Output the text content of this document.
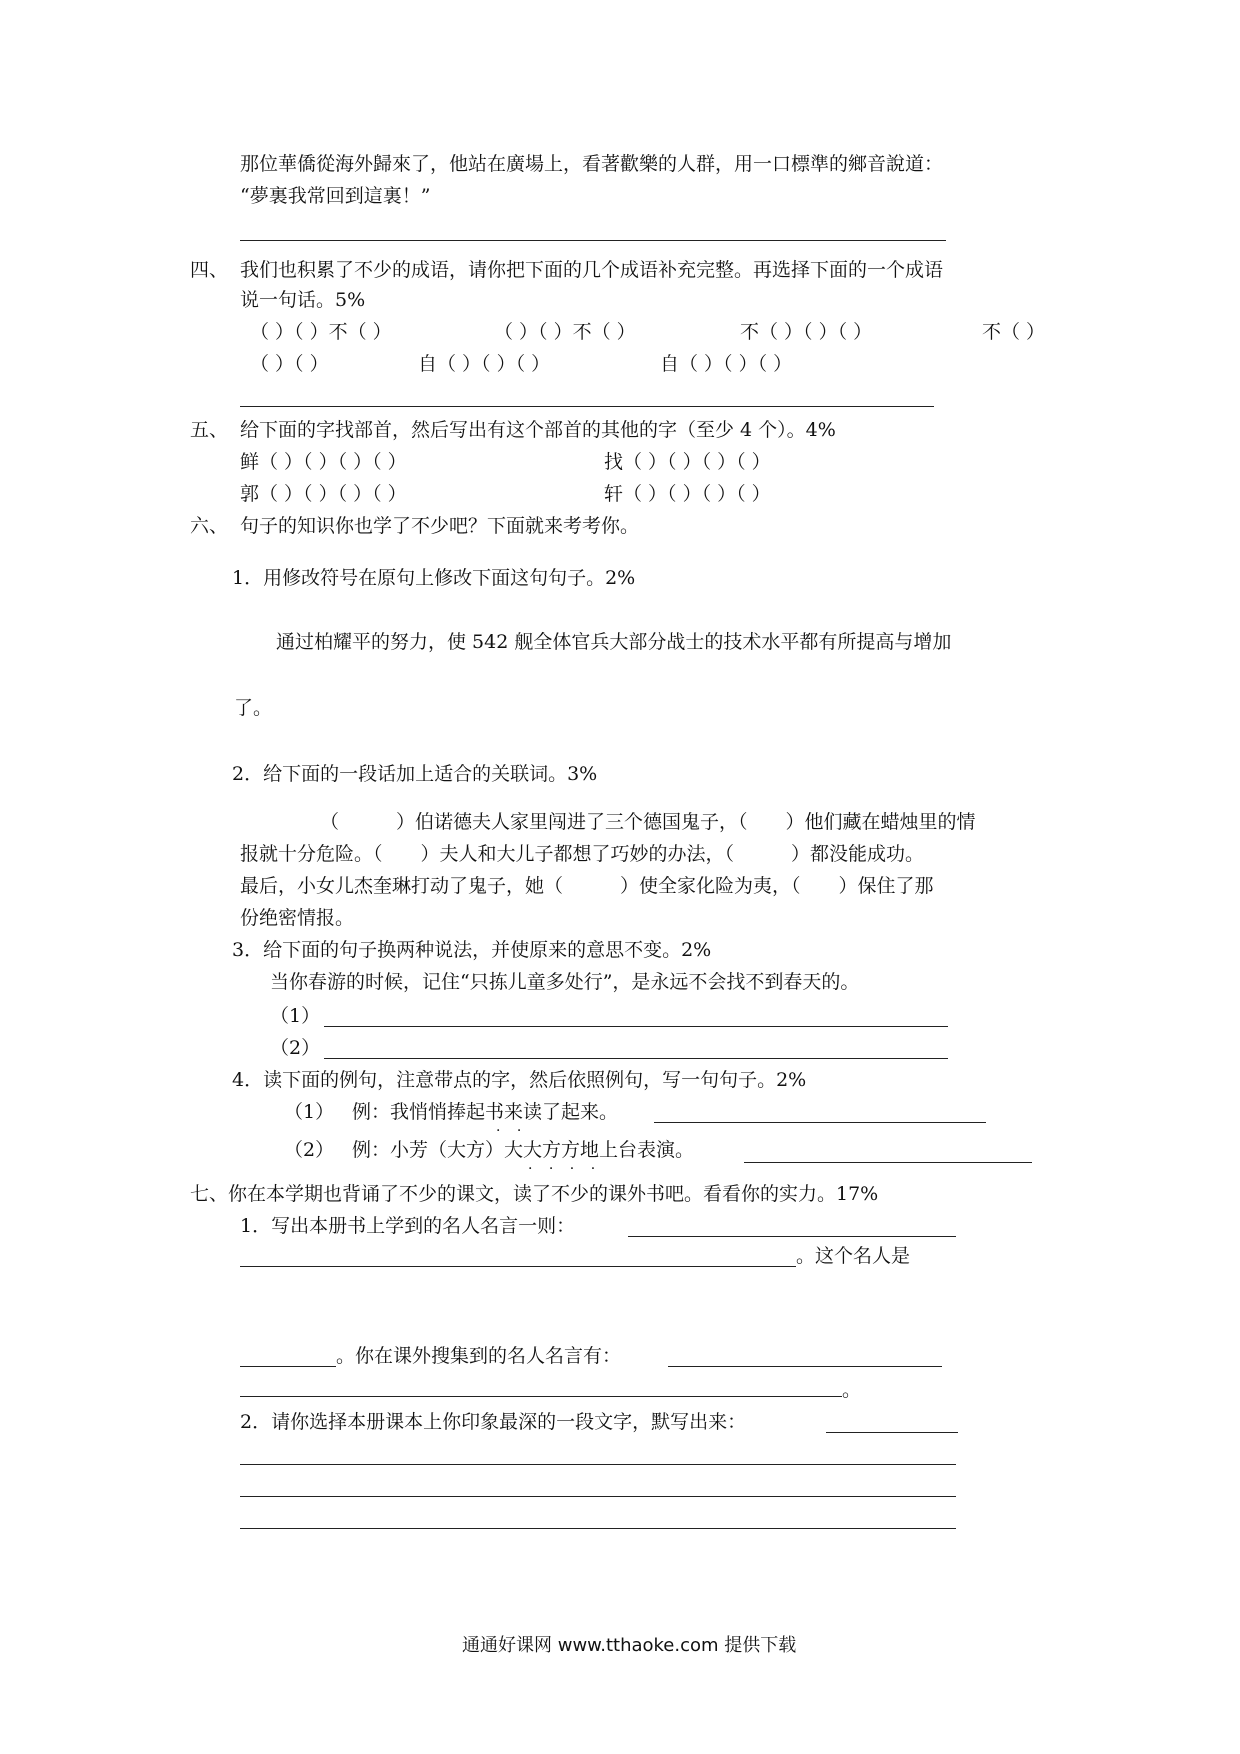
那位華僑從海外歸來了，他站在廣場上，看著歡樂的人群，用一口標準的鄉音說道：
“夢裏我常回到這裏！”
四、 我们也积累了不少的成语，请你把下面的几个成语补充完整。再选择下面的一个成语
说一句话。5%
（ ）（ ）不（ ）	（ ）（ ）不（ ）	不（ ）（ ）（ ）	不（ ）
（ ）（ ）	自（ ）（ ）（ ）	自（ ）（ ）（ ）
五、 给下面的字找部首，然后写出有这个部首的其他的字（至少 4 个）。4%
鲜（ ）（ ）（ ）（ ）	找（ ）（ ）（ ）（ ）
郭（ ）（ ）（ ）（ ）	轩（ ）（ ）（ ）（ ）
六、 句子的知识你也学了不少吧？下面就来考考你。
1．用修改符号在原句上修改下面这句句子。2%
通过柏耀平的努力，使 542 舰全体官兵大部分战士的技术水平都有所提高与增加
了。
2．给下面的一段话加上适合的关联词。3%
（　　　）伯诺德夫人家里闯进了三个德国鬼子，（　　）他们藏在蜡烛里的情
报就十分危险。（　　）夫人和大儿子都想了巧妙的办法，（　　　）都没能成功。
最后，小女儿杰奎琳打动了鬼子，她（　　　）使全家化险为夷，（　　）保住了那
份绝密情报。
3．给下面的句子换两种说法，并使原来的意思不变。2%
当你春游的时候，记住“只拣儿童多处行”，是永远不会找不到春天的。
（1）
（2）
4．读下面的例句，注意带点的字，然后依照例句，写一句句子。2%
（1） 例：我悄悄捧起书来读了起来。
· ·
（2） 例：小芳（大方）大大方方地上台表演。
· · · ·
七、你在本学期也背诵了不少的课文，读了不少的课外书吧。看看你的实力。17%
1．写出本册书上学到的名人名言一则：
。这个名人是
。你在课外搜集到的名人名言有：
。
2．请你选择本册课本上你印象最深的一段文字，默写出来：
通通好课网 www.tthaoke.com 提供下载
